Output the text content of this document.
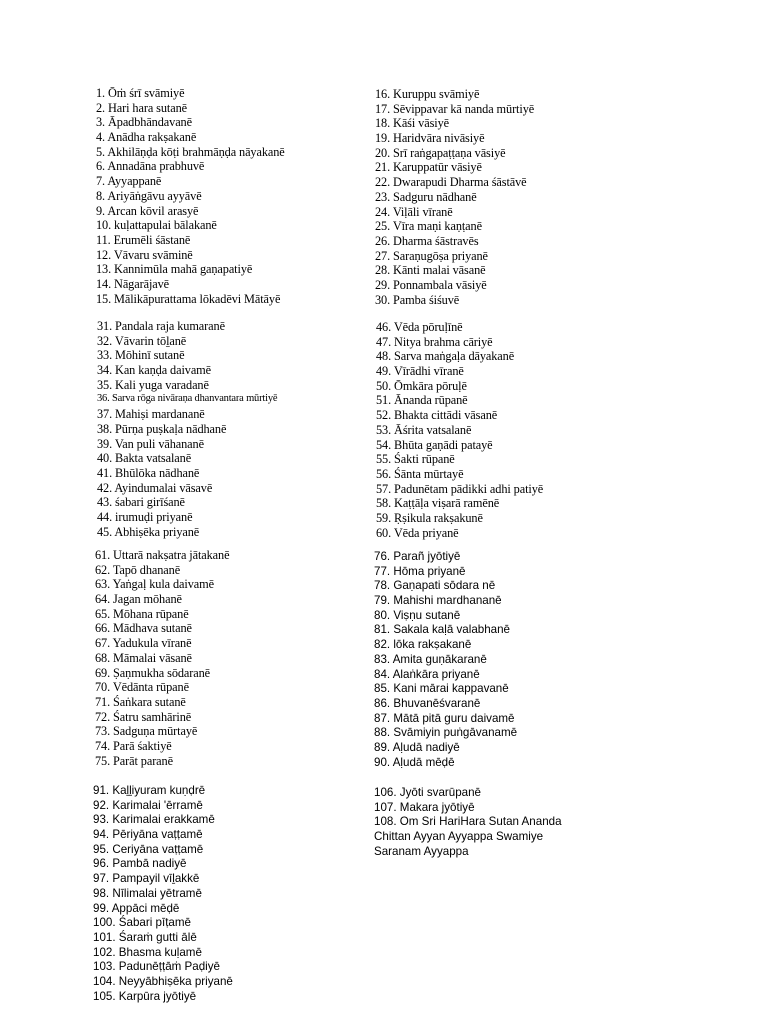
1. Ōṁ śrī svāmiyē
2. Hari hara sutanē
3. Āpadbhāndavanē
4. Anādha rakṣakanē
5. Akhilāṇḍa kōṭi brahmāṇḍa nāyakanē
6. Annadāna prabhuvē
7. Ayyappanē
8. Ariyāṅgāvu ayyāvē
9. Arcan kōvil arasyē
10. kuḷattapulai bālakanē
11. Erumēli śāstanē
12. Vāvaru svāminē
13. Kannimūla mahā gaṇapatiyē
14. Nāgarājavē
15. Mālikāpurattama lōkadēvi Mātāyē
16. Kuruppu svāmiyē
17. Sēvippavar kā nanda mūrtiyē
18. Kāśi vāsiyē
19. Haridvāra nivāsiyē
20. Srī raṅgapaṭṭaṇa vāsiyē
21. Karuppatūr vāsiyē
22. Dwarapudi Dharma śāstāvē
23. Sadguru nādhanē
24. Viḷāli vīranē
25. Vīra maṇi kaṇṭanē
26. Dharma śāstravēs
27. Saraṇugōṣa priyanē
28. Kānti malai vāsanē
29. Ponnambala vāsiyē
30. Pamba śiśuvē
31. Pandala raja kumaranē
32. Vāvarin tōḻanē
33. Mōhinī sutanē
34. Kan kaṇḍa daivamē
35. Kali yuga varadanē
36. Sarva rōga nivāraṇa dhanvantara mūrtiyē
37. Mahiṣi mardananē
38. Pūrṇa puṣkaḷa nādhanē
39. Van puli vāhananē
40. Bakta vatsalanē
41. Bhūlōka nādhanē
42. Ayindumalai vāsavē
43. śabari girīśanē
44. irumuḍi priyanē
45. Abhiṣēka priyanē
46. Vēda pōruḷīnē
47. Nitya brahma cāriyē
48. Sarva maṅgaḷa dāyakanē
49. Vīrādhi vīranē
50. Ōmkāra pōruḷē
51. Ānanda rūpanē
52. Bhakta cittādi vāsanē
53. Āśrita vatsalanē
54. Bhūta gaṇādi patayē
55. Śakti rūpanē
56. Śānta mūrtayē
57. Padunētam pādikki adhi patiyē
58. Kaṭṭāḷa viṣarā ramēnē
59. Ṛṣikula rakṣakunē
60. Vēda priyanē
61. Uttarā nakṣatra jātakanē
62. Tapō dhananē
63. Yaṅgaḷ kula daivamē
64. Jagan mōhanē
65. Mōhana rūpanē
66. Mādhava sutanē
67. Yadukula vīranē
68. Māmalai vāsanē
69. Ṣaṇmukha sōdaranē
70. Vēdānta rūpanē
71. Śaṅkara sutanē
72. Śatru samhārinē
73. Sadguṇa mūrtayē
74. Parā śaktiyē
75. Parāt paranē
76. Parañ jyōtiyē
77. Hōma priyanē
78. Gaṇapati sōdara nē
79. Mahishi mardhananē
80. Viṣṇu sutanē
81. Sakala kaḷā valabhanē
82. lōka rakṣakanē
83. Amita guṇākaranē
84. Alaṅkāra priyanē
85. Kani mārai kappavanē
86. Bhuvanēśvaranē
87. Mātā pitā guru daivamē
88. Svāmiyin puṅgāvanamē
89. Aḷudā nadiyē
90. Aḷudā mēḍē
91. Kaḻḻiyuram kuṇḍrē
92. Karimalai 'ērramē
93. Karimalai erakkamē
94. Pēriyāna vaṭṭamē
95. Ceriyāna vaṭṭamē
96. Pambā nadiyē
97. Pampayil vīḻakkē
98. Nīlimalai yētramē
99. Appāci mēḍē
100. Śabari pīṭamē
101. Śaraṁ gutti ālē
102. Bhasma kuḷamē
103. Padunēṭṭāṁ Paḍiyē
104. Neyyābhiṣēka priyanē
105. Karpūra jyōtiyē
106. Jyōti svarūpanē
107. Makara jyōtiyē
108. Om Sri HariHara Sutan Ananda
Chittan Ayyan Ayyappa Swamiye
Saranam Ayyappa
